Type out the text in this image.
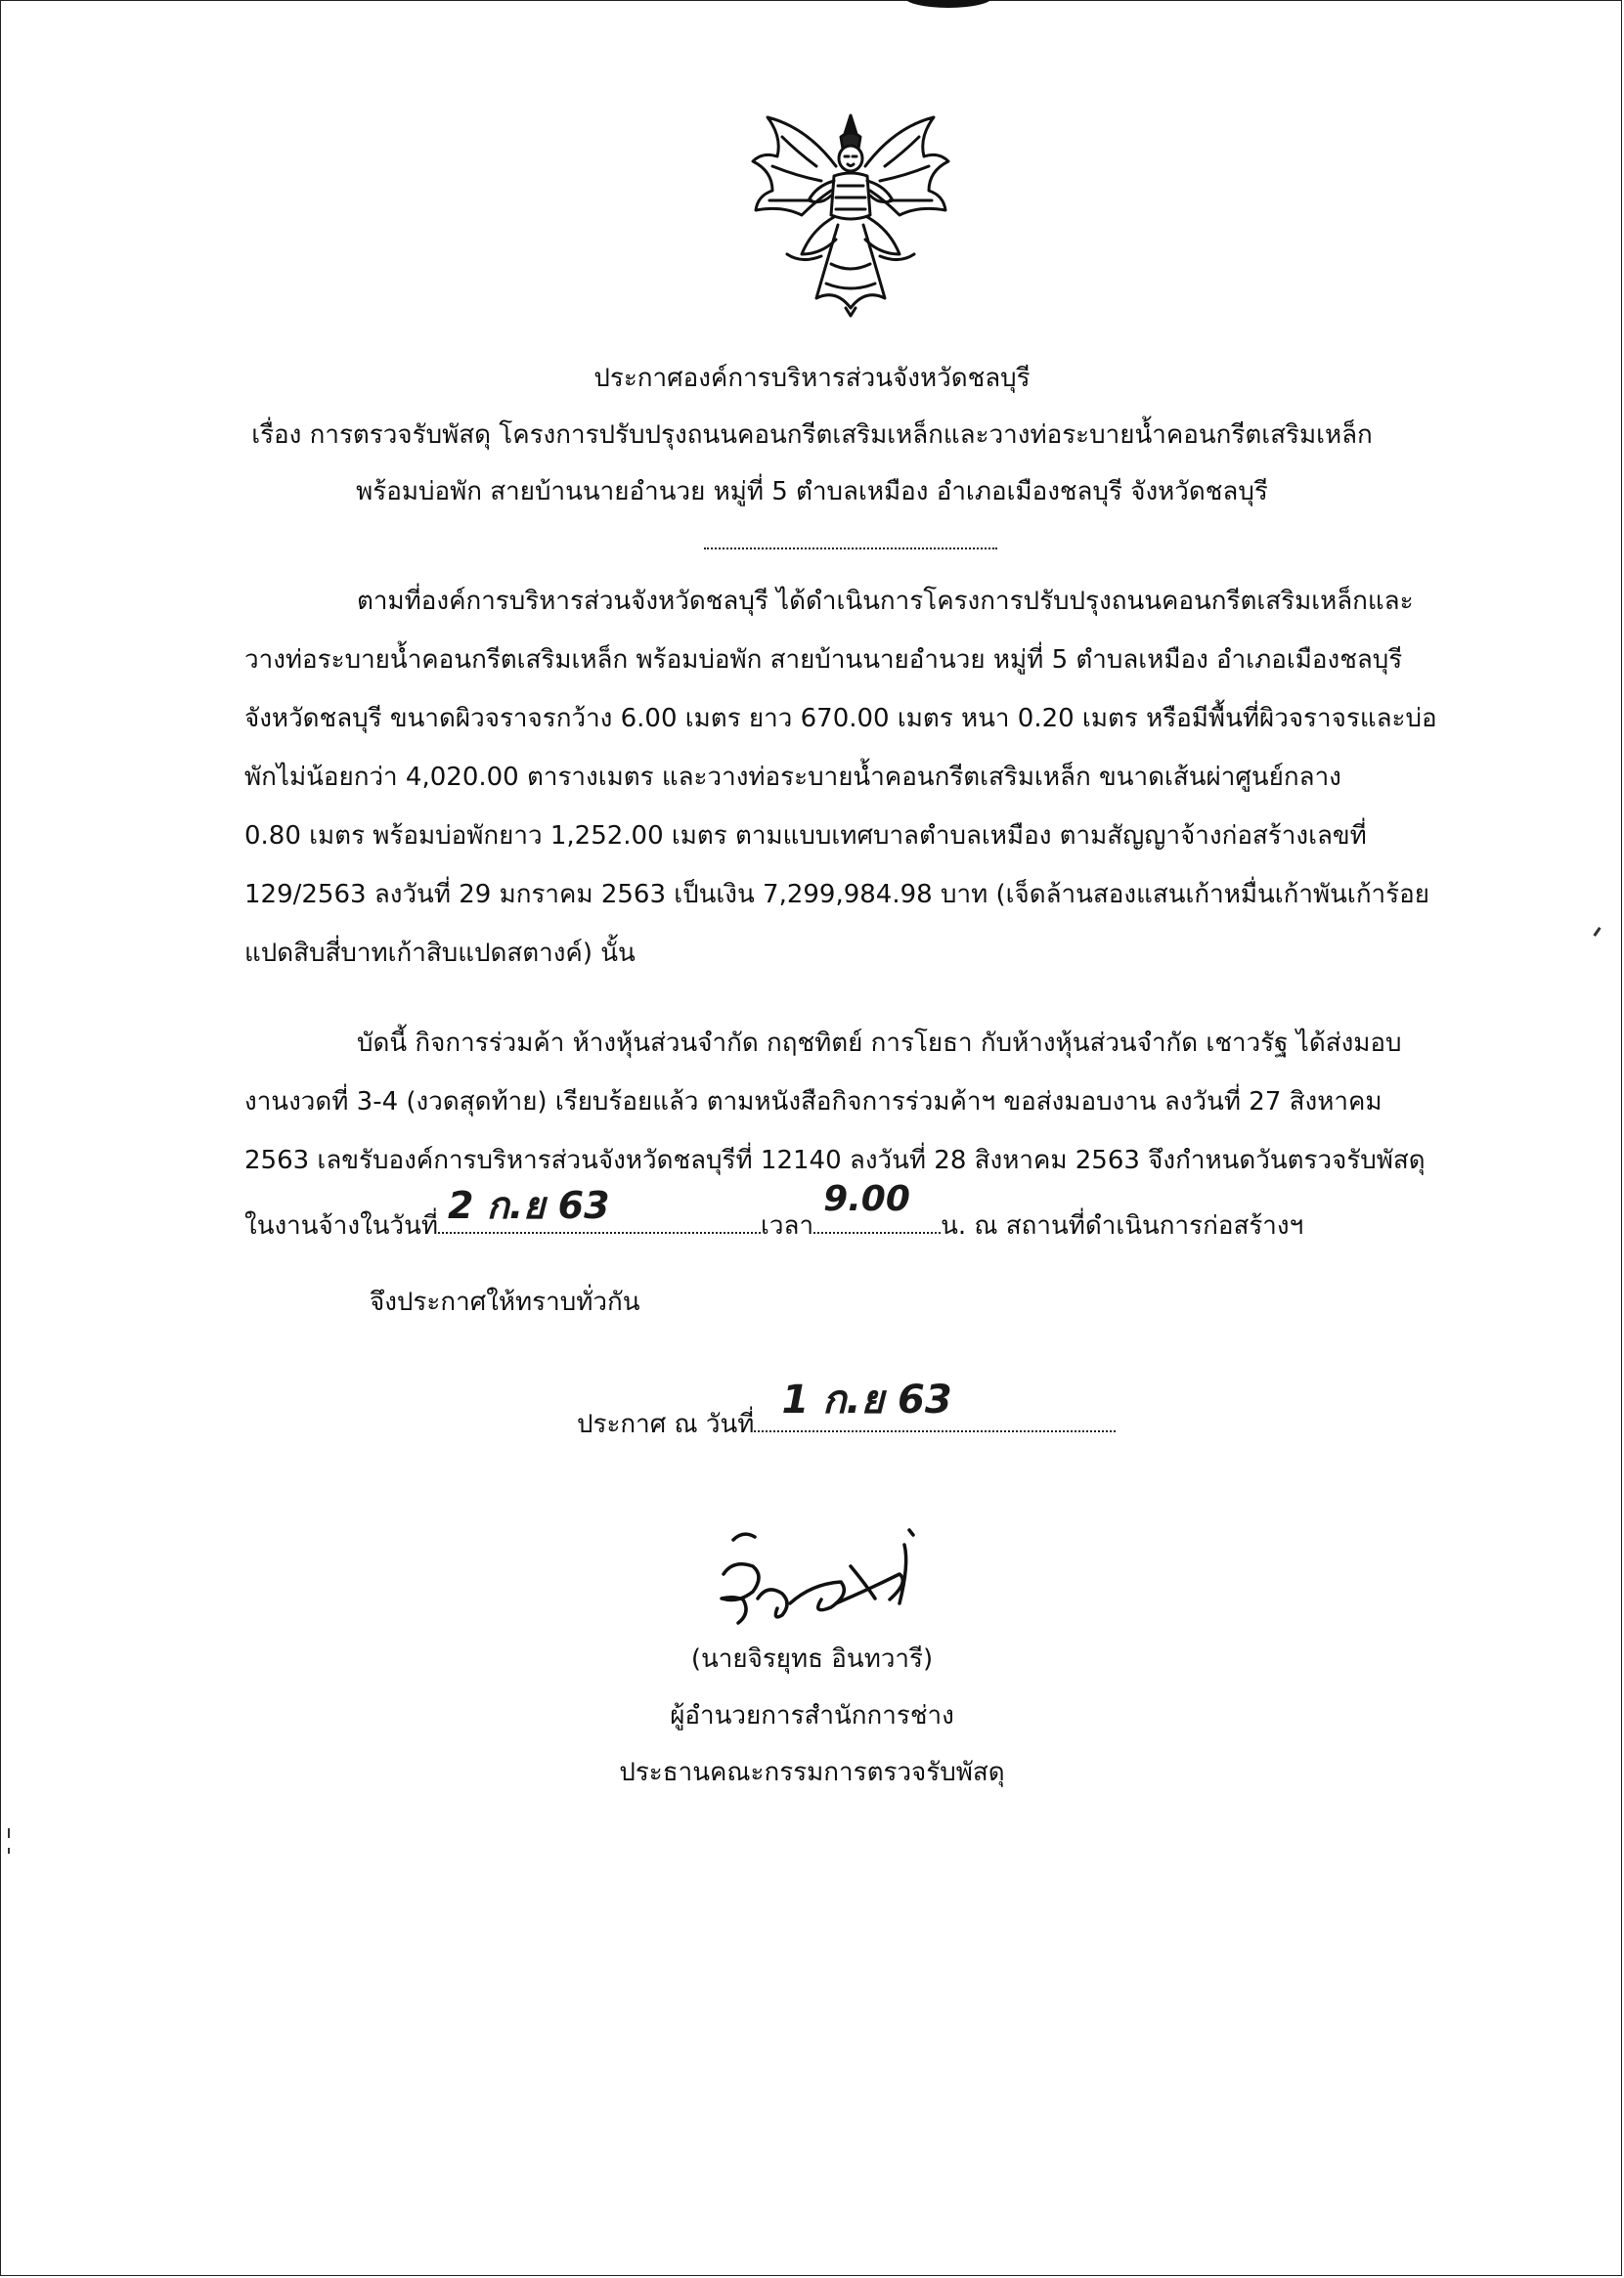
ประกาศองค์การบริหารส่วนจังหวัดชลบุรี
เรื่อง การตรวจรับพัสดุ โครงการปรับปรุงถนนคอนกรีตเสริมเหล็กและวางท่อระบายน้ำคอนกรีตเสริมเหล็ก
พร้อมบ่อพัก สายบ้านนายอำนวย หมู่ที่ 5 ตำบลเหมือง อำเภอเมืองชลบุรี จังหวัดชลบุรี
ตามที่องค์การบริหารส่วนจังหวัดชลบุรี ได้ดำเนินการโครงการปรับปรุงถนนคอนกรีตเสริมเหล็กและ
วางท่อระบายน้ำคอนกรีตเสริมเหล็ก พร้อมบ่อพัก สายบ้านนายอำนวย หมู่ที่ 5 ตำบลเหมือง อำเภอเมืองชลบุรี
จังหวัดชลบุรี ขนาดผิวจราจรกว้าง 6.00 เมตร ยาว 670.00 เมตร หนา 0.20 เมตร หรือมีพื้นที่ผิวจราจรและบ่อ
พักไม่น้อยกว่า 4,020.00 ตารางเมตร และวางท่อระบายน้ำคอนกรีตเสริมเหล็ก ขนาดเส้นผ่าศูนย์กลาง
0.80 เมตร พร้อมบ่อพักยาว 1,252.00 เมตร ตามแบบเทศบาลตำบลเหมือง ตามสัญญาจ้างก่อสร้างเลขที่
129/2563 ลงวันที่ 29 มกราคม 2563 เป็นเงิน 7,299,984.98 บาท (เจ็ดล้านสองแสนเก้าหมื่นเก้าพันเก้าร้อย
แปดสิบสี่บาทเก้าสิบแปดสตางค์) นั้น
บัดนี้ กิจการร่วมค้า ห้างหุ้นส่วนจำกัด กฤชทิตย์ การโยธา กับห้างหุ้นส่วนจำกัด เชาวรัฐ ได้ส่งมอบ
งานงวดที่ 3-4 (งวดสุดท้าย) เรียบร้อยแล้ว ตามหนังสือกิจการร่วมค้าฯ ขอส่งมอบงาน ลงวันที่ 27 สิงหาคม
2563 เลขรับองค์การบริหารส่วนจังหวัดชลบุรีที่ 12140 ลงวันที่ 28 สิงหาคม 2563 จึงกำหนดวันตรวจรับพัสดุ
ในงานจ้างในวันที่ 2 ก.ย 63	เวลา
9.00
น. ณ สถานที่ดำเนินการก่อสร้างฯ
จึงประกาศให้ทราบทั่วกัน
ประกาศ ณ วันที่
1 ก.ย 63
(นายจิรยุทธ อินทวารี)
ผู้อำนวยการสำนักการช่าง
ประธานคณะกรรมการตรวจรับพัสดุ
